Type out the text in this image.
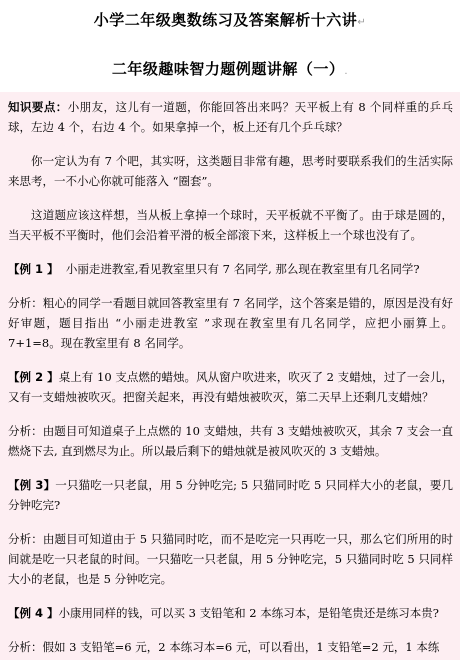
小学二年级奥数练习及答案解析十六讲↵
二年级趣味智力题例题讲解（一）.

知识要点：小朋友，这儿有一道题，你能回答出来吗？天平板上有 8 个同样重的乒乓球，左边 4 个，右边 4 个。如果拿掉一个，板上还有几个乒乓球？

你一定认为有 7 个吧，其实呀，这类题目非常有趣，思考时要联系我们的生活实际来思考，一不小心你就可能落入 “圈套”。

这道题应该这样想，当从板上拿掉一个球时，天平板就不平衡了。由于球是圆的，当天平板不平衡时，他们会沿着平滑的板全部滚下来，这样板上一个球也没有了。

【例 1 】 小丽走进教室,看见教室里只有 7 名同学, 那么现在教室里有几名同学?

分析：粗心的同学一看题目就回答教室里有 7 名同学，这个答案是错的，原因是没有好好审题，题目指出 “小丽走进教室 ”求现在教室里有几名同学，应把小丽算上。7+1=8。现在教室里有 8 名同学。

【例 2 】桌上有 10 支点燃的蜡烛。风从窗户吹进来，吹灭了 2 支蜡烛，过了一会儿，又有一支蜡烛被吹灭。把窗关起来，再没有蜡烛被吹灭，第二天早上还剩几支蜡烛？

分析：由题目可知道桌子上点燃的 10 支蜡烛，共有 3 支蜡烛被吹灭，其余 7 支会一直燃烧下去, 直到燃尽为止。所以最后剩下的蜡烛就是被风吹灭的 3 支蜡烛。

【例 3】一只猫吃一只老鼠，用 5 分钟吃完; 5 只猫同时吃 5 只同样大小的老鼠，要几分钟吃完?

分析：由题目可知道由于 5 只猫同时吃，而不是吃完一只再吃一只，那么它们所用的时间就是吃一只老鼠的时间。一只猫吃一只老鼠，用 5 分钟吃完，5 只猫同时吃 5 只同样大小的老鼠，也是 5 分钟吃完。

【例 4 】小康用同样的钱，可以买 3 支铅笔和 2 本练习本，是铅笔贵还是练习本贵?

分析：假如 3 支铅笔=6 元，2 本练习本=6 元，可以看出，1 支铅笔=2 元，1 本练
